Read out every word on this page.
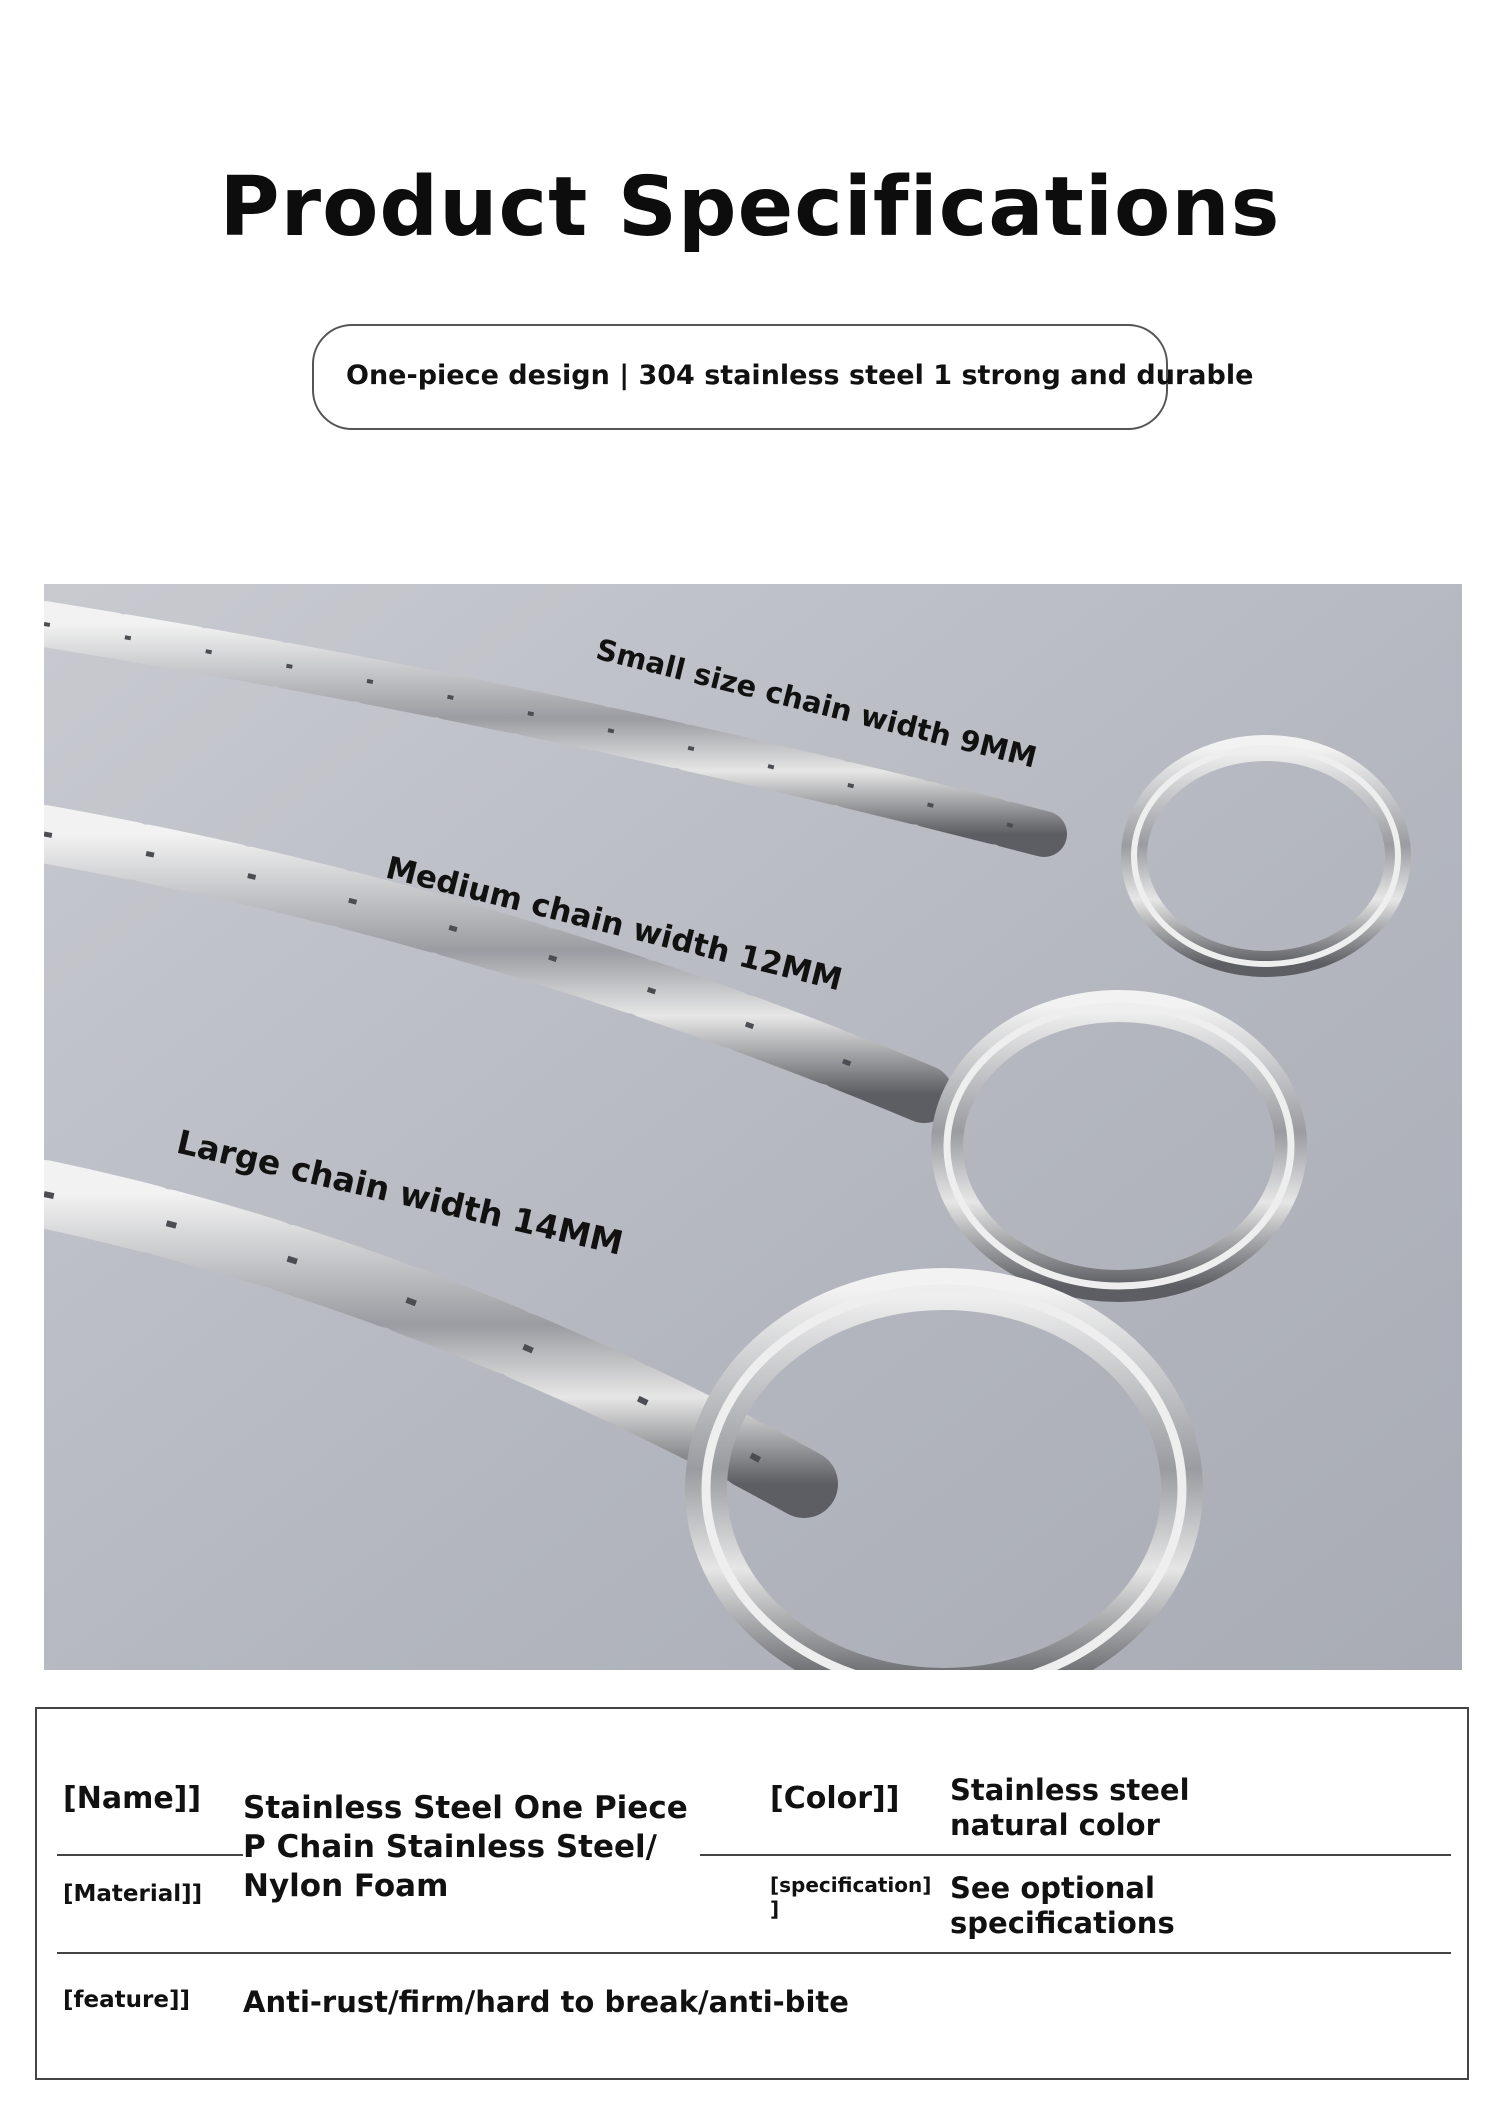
Product Specifications
One-piece design | 304 stainless steel 1 strong and durable
Small size chain width 9MM
Medium chain width 12MM
Large chain width 14MM
[Name]] Stainless Steel One Piece
P Chain Stainless Steel/
Nylon Foam
[Color]] Stainless steel
natural color
[Material]]	[specification]
]
See optional
specifications
[feature]] Anti-rust/firm/hard to break/anti-bite
